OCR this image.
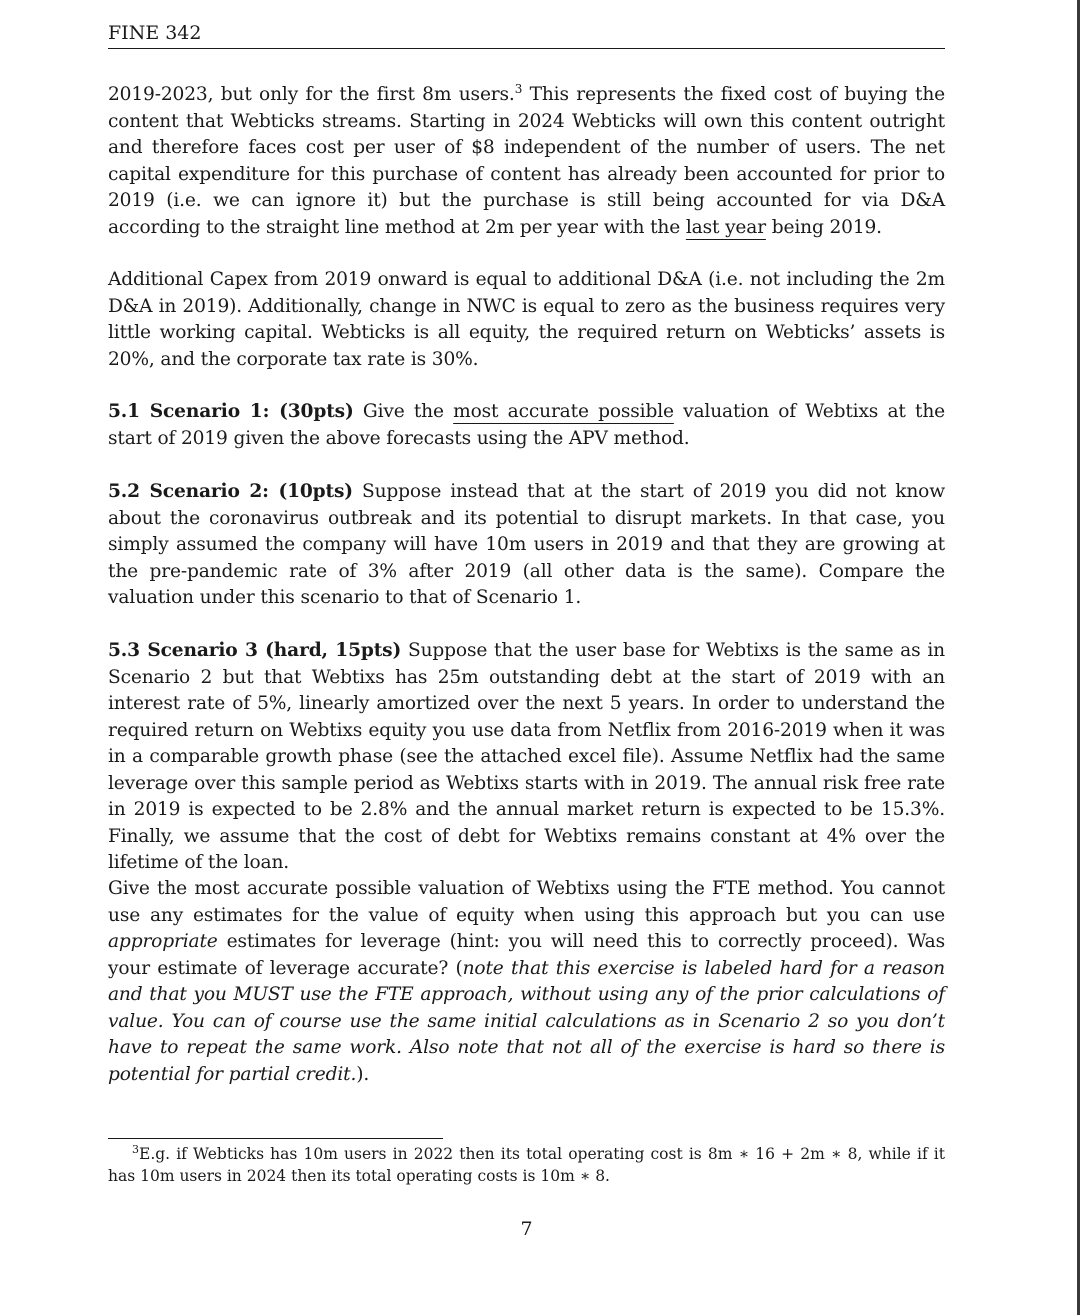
FINE 342

2019-2023, but only for the first 8m users.$^3$ This represents the fixed cost of buying the content that Webticks streams. Starting in 2024 Webticks will own this content outright and therefore faces cost per user of $8 independent of the number of users. The net capital expenditure for this purchase of content has already been accounted for prior to 2019 (i.e. we can ignore it) but the purchase is still being accounted for via D&A according to the straight line method at 2m per year with the last year being 2019.

Additional Capex from 2019 onward is equal to additional D&A (i.e. not including the 2m D&A in 2019). Additionally, change in NWC is equal to zero as the business requires very little working capital. Webticks is all equity, the required return on Webticks’ assets is 20%, and the corporate tax rate is 30%.

5.1 Scenario 1: (30pts) Give the most accurate possible valuation of Webtixs at the start of 2019 given the above forecasts using the APV method.

5.2 Scenario 2: (10pts) Suppose instead that at the start of 2019 you did not know about the coronavirus outbreak and its potential to disrupt markets. In that case, you simply assumed the company will have 10m users in 2019 and that they are growing at the pre-pandemic rate of 3% after 2019 (all other data is the same). Compare the valuation under this scenario to that of Scenario 1.

5.3 Scenario 3 (hard, 15pts) Suppose that the user base for Webtixs is the same as in Scenario 2 but that Webtixs has 25m outstanding debt at the start of 2019 with an interest rate of 5%, linearly amortized over the next 5 years. In order to understand the required return on Webtixs equity you use data from Netflix from 2016-2019 when it was in a comparable growth phase (see the attached excel file). Assume Netflix had the same leverage over this sample period as Webtixs starts with in 2019. The annual risk free rate in 2019 is expected to be 2.8% and the annual market return is expected to be 15.3%. Finally, we assume that the cost of debt for Webtixs remains constant at 4% over the lifetime of the loan.

Give the most accurate possible valuation of Webtixs using the FTE method. You cannot use any estimates for the value of equity when using this approach but you can use appropriate estimates for leverage (hint: you will need this to correctly proceed). Was your estimate of leverage accurate? (note that this exercise is labeled hard for a reason and that you MUST use the FTE approach, without using any of the prior calculations of value. You can of course use the same initial calculations as in Scenario 2 so you don’t have to repeat the same work. Also note that not all of the exercise is hard so there is potential for partial credit.).

$^3$E.g. if Webticks has 10m users in 2022 then its total operating cost is 8m ∗ 16 + 2m ∗ 8, while if it has 10m users in 2024 then its total operating costs is 10m ∗ 8.

7
